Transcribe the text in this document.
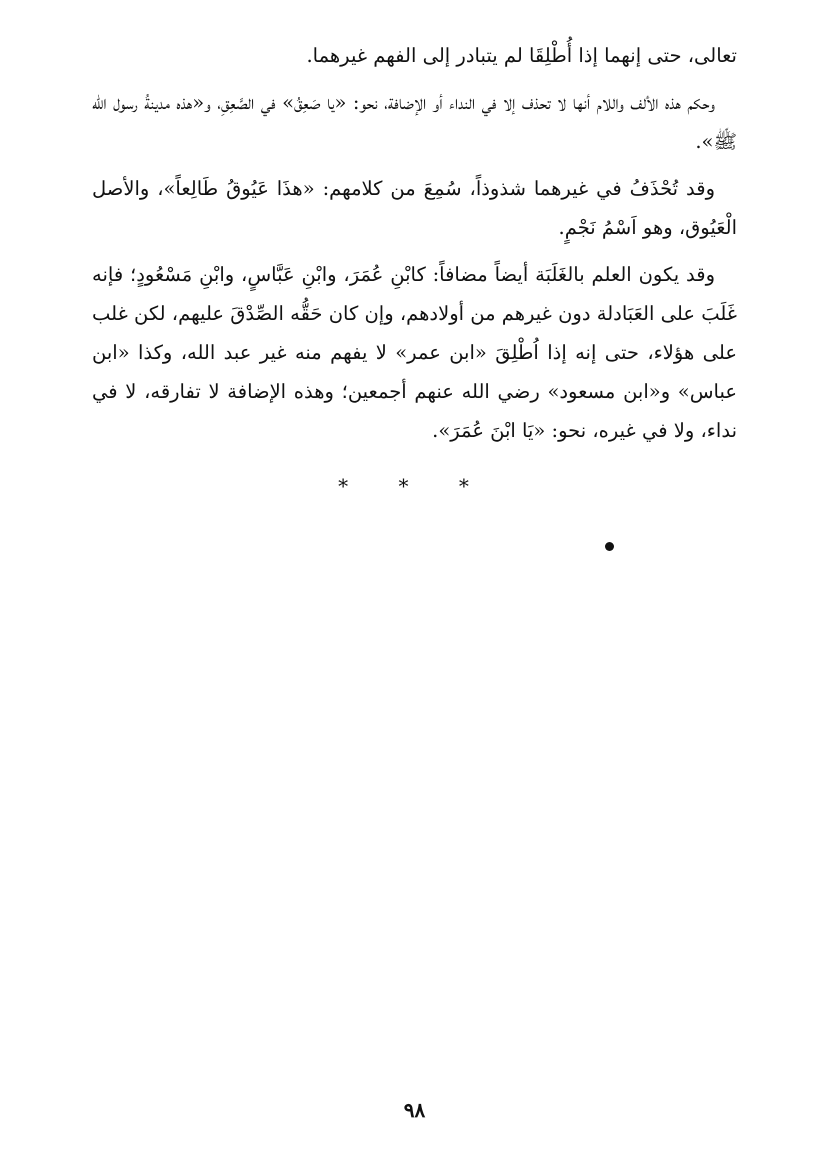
تعالى، حتى إنهما إذا أُطْلِقَا لم يتبادر إلى الفهم غيرهما.

وحكم هذه الألف واللام أنها لا تحذف إلا في النداء أو الإضافة، نحو: «يا صَعِقُ» في الصَّعِقِ، و«هذه مدينةُ رسول الله ﷺ».

وقد تُحْذَفُ في غيرهما شذوذاً، سُمِعَ من كلامهم: «هذَا عَيُوقُ طَالِعاً»، والأصل الْعَيُوق، وهو اَسْمُ نَجْمٍ.

وقد يكون العلم بالغَلَبَة أيضاً مضافاً: كابْنِ عُمَرَ، وابْنِ عَبَّاسٍ، وابْنِ مَسْعُودٍ؛ فإنه غَلَبَ على العَبَادلة دون غيرهم من أولادهم، وإن كان حَقُّه الصِّدْقَ عليهم، لكن غلب على هؤلاء، حتى إنه إذا اُطْلِقَ «ابن عمر» لا يفهم منه غير عبد الله، وكذا «ابن عباس» و«ابن مسعود» رضي الله عنهم أجمعين؛ وهذه الإضافة لا تفارقه، لا في نداء، ولا في غيره، نحو: «يَا ابْنَ عُمَرَ».

* * *
٩٨
